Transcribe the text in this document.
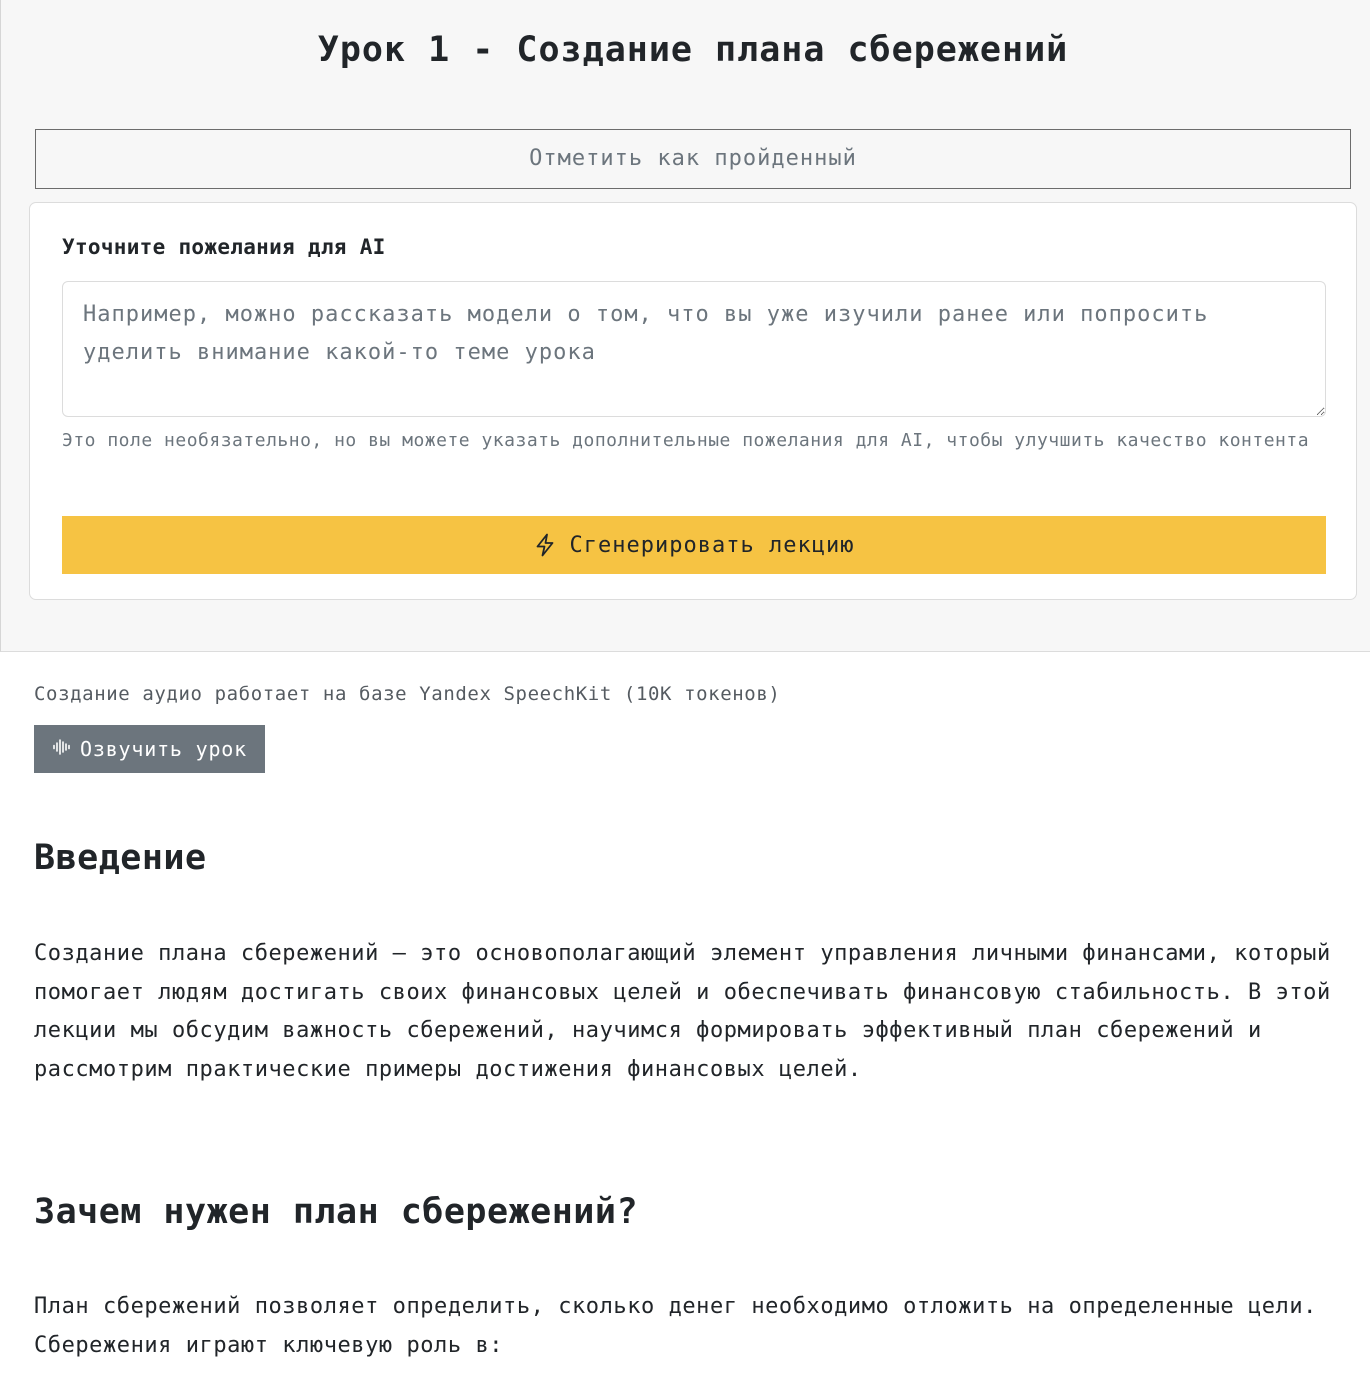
Урок 1 - Создание плана сбережений
Отметить как пройденный
Уточните пожелания для AI
Например, можно рассказать модели о том, что вы уже изучили ранее или попросить уделить внимание какой-то теме урока
Это поле необязательно, но вы можете указать дополнительные пожелания для AI, чтобы улучшить качество контента
Сгенерировать лекцию
Создание аудио работает на базе Yandex SpeechKit (10К токенов)
Озвучить урок
Введение

Создание плана сбережений — это основополагающий элемент управления личными финансами, который помогает людям достигать своих финансовых целей и обеспечивать финансовую стабильность. В этой лекции мы обсудим важность сбережений, научимся формировать эффективный план сбережений и рассмотрим практические примеры достижения финансовых целей.

Зачем нужен план сбережений?

План сбережений позволяет определить, сколько денег необходимо отложить на определенные цели. Сбережения играют ключевую роль в:
